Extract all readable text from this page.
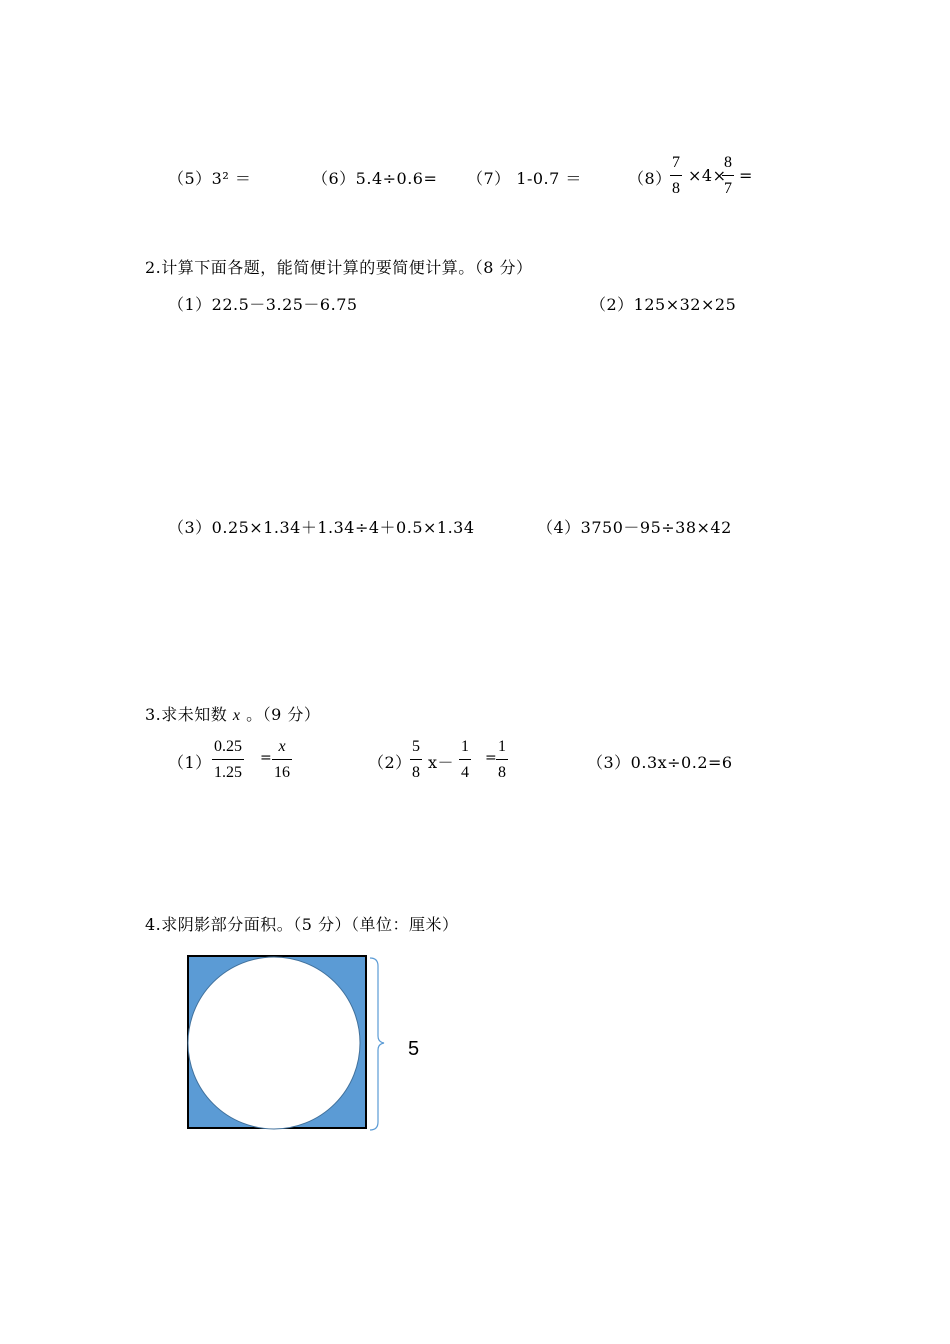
（5）3² ＝	（6）5.4÷0.6= （7） 1-0.7 ＝	（8）
7
8
×4×
8
7
=
2.计算下面各题，能简便计算的要简便计算。（8 分）
（1）22.5－3.25－6.75	（2）125×32×25
（3）0.25×1.34＋1.34÷4＋0.5×1.34	（4）3750－95÷38×42
3.求未知数 x 。（9 分）
（1）
0.25
1.25
=
x
16
（2）
5
8
x－
1
4
=
1
8
（3）0.3x÷0.2=6
4.求阴影部分面积。（5 分）（单位：厘米）
5
